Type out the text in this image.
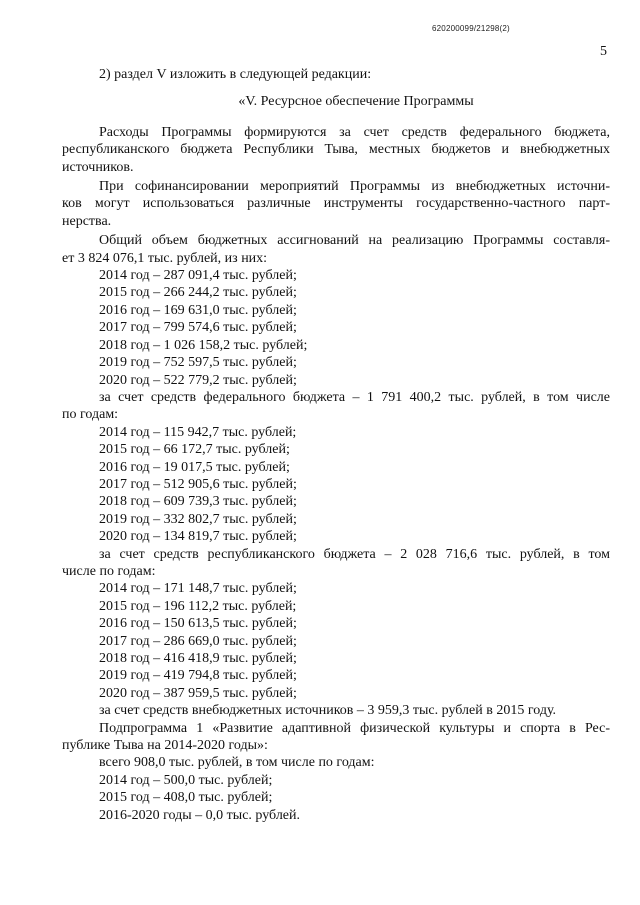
620200099/21298(2)
5

2) раздел V изложить в следующей редакции:

«V. Ресурсное обеспечение Программы

Расходы Программы формируются за счет средств федерального бюджета,
республиканского бюджета Республики Тыва, местных бюджетов и внебюджетных
источников.
При софинансировании мероприятий Программы из внебюджетных источни-
ков могут использоваться различные инструменты государственно-частного парт-
нерства.
Общий объем бюджетных ассигнований на реализацию Программы составля-
ет 3 824 076,1 тыс. рублей, из них:
2014 год – 287 091,4 тыс. рублей;
2015 год – 266 244,2 тыс. рублей;
2016 год – 169 631,0 тыс. рублей;
2017 год – 799 574,6 тыс. рублей;
2018 год – 1 026 158,2 тыс. рублей;
2019 год – 752 597,5 тыс. рублей;
2020 год – 522 779,2 тыс. рублей;
за счет средств федерального бюджета – 1 791 400,2 тыс. рублей, в том числе
по годам:
2014 год – 115 942,7 тыс. рублей;
2015 год – 66 172,7 тыс. рублей;
2016 год – 19 017,5 тыс. рублей;
2017 год – 512 905,6 тыс. рублей;
2018 год – 609 739,3 тыс. рублей;
2019 год – 332 802,7 тыс. рублей;
2020 год – 134 819,7 тыс. рублей;
за счет средств республиканского бюджета – 2 028 716,6 тыс. рублей, в том
числе по годам:
2014 год – 171 148,7 тыс. рублей;
2015 год – 196 112,2 тыс. рублей;
2016 год – 150 613,5 тыс. рублей;
2017 год – 286 669,0 тыс. рублей;
2018 год – 416 418,9 тыс. рублей;
2019 год – 419 794,8 тыс. рублей;
2020 год – 387 959,5 тыс. рублей;
за счет средств внебюджетных источников – 3 959,3 тыс. рублей в 2015 году.
Подпрограмма 1 «Развитие адаптивной физической культуры и спорта в Рес-
публике Тыва на 2014-2020 годы»:
всего 908,0 тыс. рублей, в том числе по годам:
2014 год – 500,0 тыс. рублей;
2015 год – 408,0 тыс. рублей;
2016-2020 годы – 0,0 тыс. рублей.
